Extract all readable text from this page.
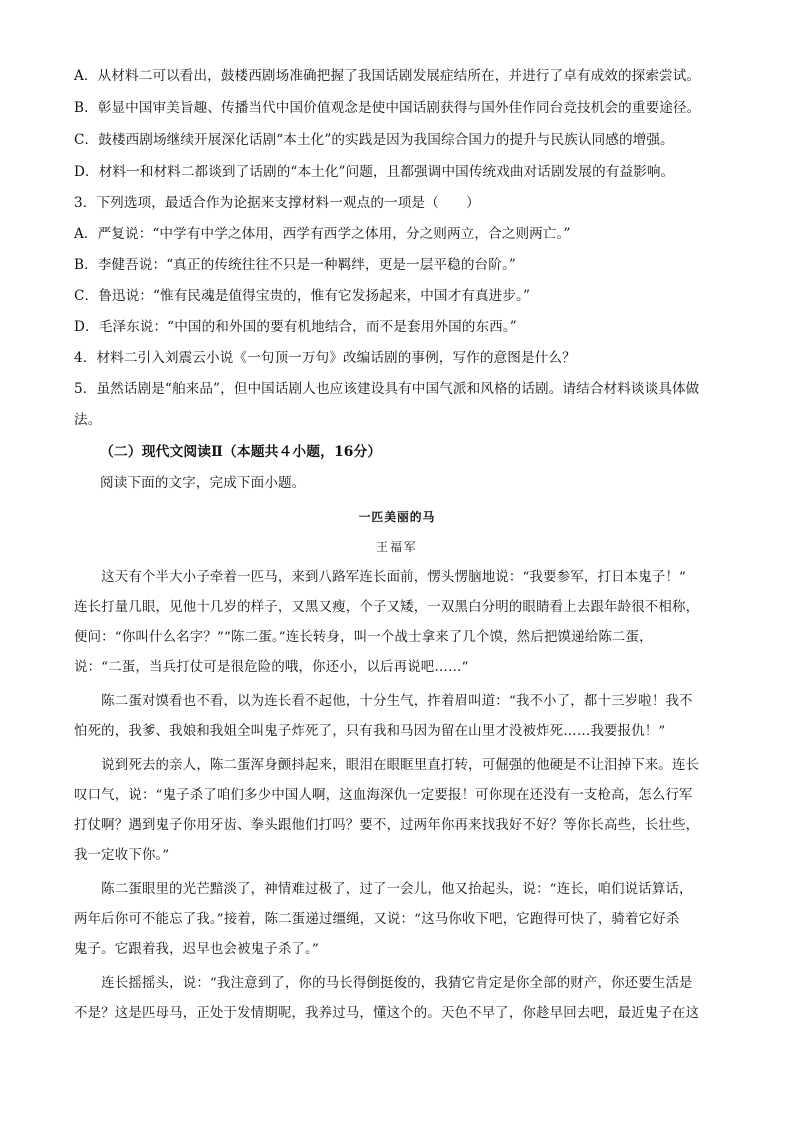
A．从材料二可以看出，鼓楼西剧场准确把握了我国话剧发展症结所在，并进行了卓有成效的探索尝试。
B．彰显中国审美旨趣、传播当代中国价值观念是使中国话剧获得与国外佳作同台竞技机会的重要途径。
C．鼓楼西剧场继续开展深化话剧“本土化”的实践是因为我国综合国力的提升与民族认同感的增强。
D．材料一和材料二都谈到了话剧的“本土化”问题，且都强调中国传统戏曲对话剧发展的有益影响。
3．下列选项，最适合作为论据来支撑材料一观点的一项是（　　）
A．严复说：“中学有中学之体用，西学有西学之体用，分之则两立，合之则两亡。”
B．李健吾说：“真正的传统往往不只是一种羁绊，更是一层平稳的台阶。”
C．鲁迅说：“惟有民魂是值得宝贵的，惟有它发扬起来，中国才有真进步。”
D．毛泽东说：“中国的和外国的要有机地结合，而不是套用外国的东西。”
4．材料二引入刘震云小说《一句顶一万句》改编话剧的事例，写作的意图是什么？
5．虽然话剧是“舶来品”，但中国话剧人也应该建设具有中国气派和风格的话剧。请结合材料谈谈具体做
法。
（二）现代文阅读Ⅱ（本题共４小题，16分）
阅读下面的文字，完成下面小题。
一匹美丽的马
王福军
　　这天有个半大小子牵着一匹马，来到八路军连长面前，愣头愣脑地说：“我要参军，打日本鬼子！”
连长打量几眼，见他十几岁的样子，又黑又瘦，个子又矮，一双黑白分明的眼睛看上去跟年龄很不相称，
便问：“你叫什么名字？”“陈二蛋。”连长转身，叫一个战士拿来了几个馍，然后把馍递给陈二蛋，
说：“二蛋，当兵打仗可是很危险的哦，你还小，以后再说吧……”
　　陈二蛋对馍看也不看，以为连长看不起他，十分生气，拃着眉叫道：“我不小了，都十三岁啦！我不
怕死的，我爹、我娘和我姐全叫鬼子炸死了，只有我和马因为留在山里才没被炸死……我要报仇！”
　　说到死去的亲人，陈二蛋浑身颤抖起来，眼泪在眼眶里直打转，可倔强的他硬是不让泪掉下来。连长
叹口气，说：“鬼子杀了咱们多少中国人啊，这血海深仇一定要报！可你现在还没有一支枪高，怎么行军
打仗啊？遇到鬼子你用牙齿、拳头跟他们打吗？要不，过两年你再来找我好不好？等你长高些，长壮些，
我一定收下你。”
　　陈二蛋眼里的光芒黯淡了，神情难过极了，过了一会儿，他又抬起头，说：“连长，咱们说话算话，
两年后你可不能忘了我。”接着，陈二蛋递过缰绳，又说：“这马你收下吧，它跑得可快了，骑着它好杀
鬼子。它跟着我，迟早也会被鬼子杀了。”
　　连长摇摇头，说：“我注意到了，你的马长得倒挺俊的，我猜它肯定是你全部的财产，你还要生活是
不是？这是匹母马，正处于发情期呢，我养过马，懂这个的。天色不早了，你趁早回去吧，最近鬼子在这
